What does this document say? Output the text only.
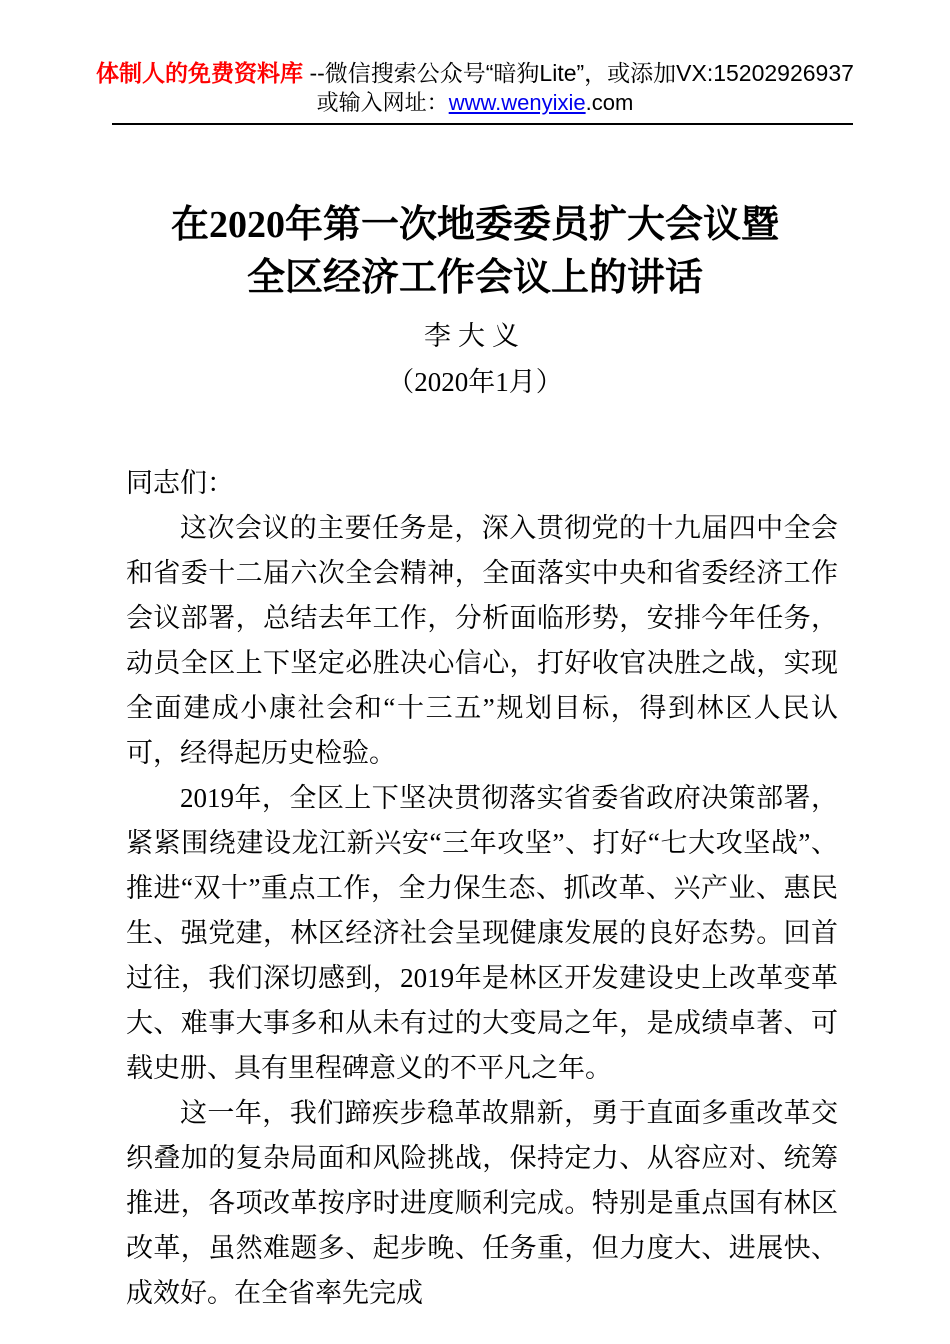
体制人的免费资料库 --微信搜索公众号“暗狗Lite”，或添加VX:15202926937
或输入网址：www.wenyixie.com
在2020年第一次地委委员扩大会议暨
全区经济工作会议上的讲话
李大义
（2020年1月）

同志们：

这次会议的主要任务是，深入贯彻党的十九届四中全会和省委十二届六次全会精神，全面落实中央和省委经济工作会议部署，总结去年工作，分析面临形势，安排今年任务，动员全区上下坚定必胜决心信心，打好收官决胜之战，实现全面建成小康社会和“十三五”规划目标，得到林区人民认可，经得起历史检验。

2019年，全区上下坚决贯彻落实省委省政府决策部署，紧紧围绕建设龙江新兴安“三年攻坚”、打好“七大攻坚战”、推进“双十”重点工作，全力保生态、抓改革、兴产业、惠民生、强党建，林区经济社会呈现健康发展的良好态势。回首过往，我们深切感到，2019年是林区开发建设史上改革变革大、难事大事多和从未有过的大变局之年，是成绩卓著、可载史册、具有里程碑意义的不平凡之年。

这一年，我们蹄疾步稳革故鼎新，勇于直面多重改革交织叠加的复杂局面和风险挑战，保持定力、从容应对、统筹推进，各项改革按序时进度顺利完成。特别是重点国有林区改革，虽然难题多、起步晚、任务重，但力度大、进展快、成效好。在全省率先完成
